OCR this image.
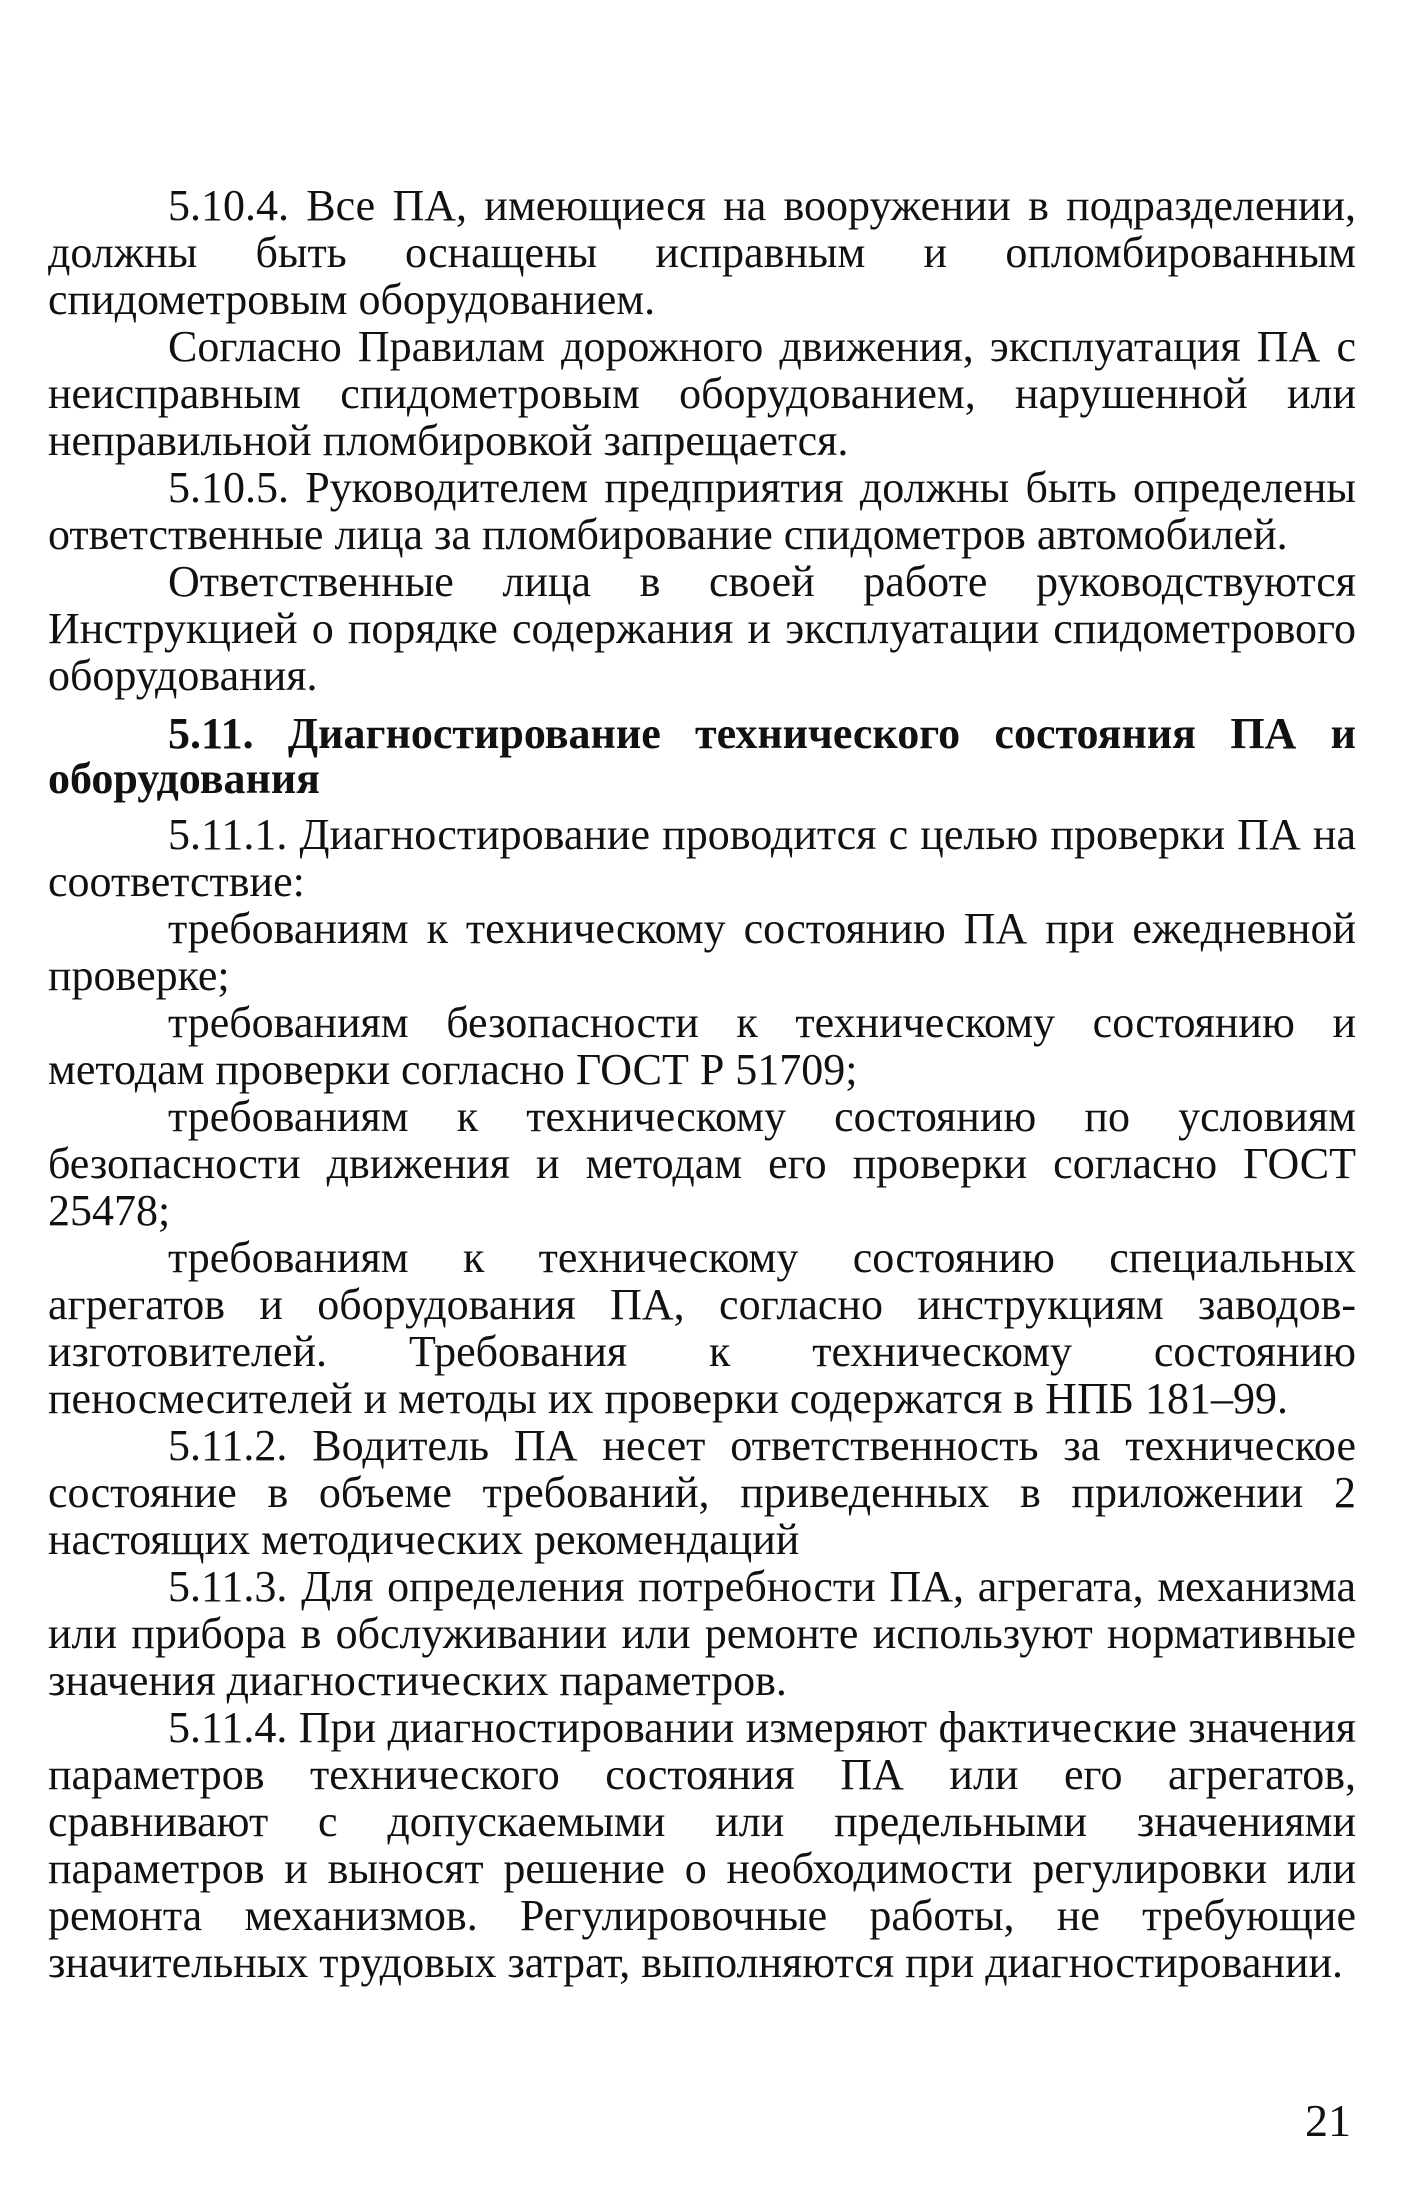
5.10.4. Все ПА, имеющиеся на вооружении в подразделении, должны быть оснащены исправным и опломбированным спидометровым оборудованием.

Согласно Правилам дорожного движения, эксплуатация ПА с неисправным спидометровым оборудованием, нарушенной или неправильной пломбировкой запрещается.

5.10.5. Руководителем предприятия должны быть определены ответственные лица за пломбирование спидометров автомобилей.

Ответственные лица в своей работе руководствуются Инструкцией о порядке содержания и эксплуатации спидометрового оборудования.

5.11. Диагностирование технического состояния ПА и оборудования

5.11.1. Диагностирование проводится с целью проверки ПА на соответствие:

требованиям к техническому состоянию ПА при ежедневной проверке;

требованиям безопасности к техническому состоянию и методам проверки согласно ГОСТ Р 51709;

требованиям к техническому состоянию по условиям безопасности движения и методам его проверки согласно ГОСТ 25478;

требованиям к техническому состоянию специальных агрегатов и оборудования ПА, согласно инструкциям заводов-изготовителей. Требования к техническому состоянию пеносмесителей и методы их проверки содержатся в НПБ 181–99.

5.11.2. Водитель ПА несет ответственность за техническое состояние в объеме требований, приведенных в приложении 2 настоящих методических рекомендаций

5.11.3. Для определения потребности ПА, агрегата, механизма или прибора в обслуживании или ремонте используют нормативные значения диагностических параметров.

5.11.4. При диагностировании измеряют фактические значения параметров технического состояния ПА или его агрегатов, сравнивают с допускаемыми или предельными значениями параметров и выносят решение о необходимости регулировки или ремонта механизмов. Регулировочные работы, не требующие значительных трудовых затрат, выполняются при диагностировании.

21
